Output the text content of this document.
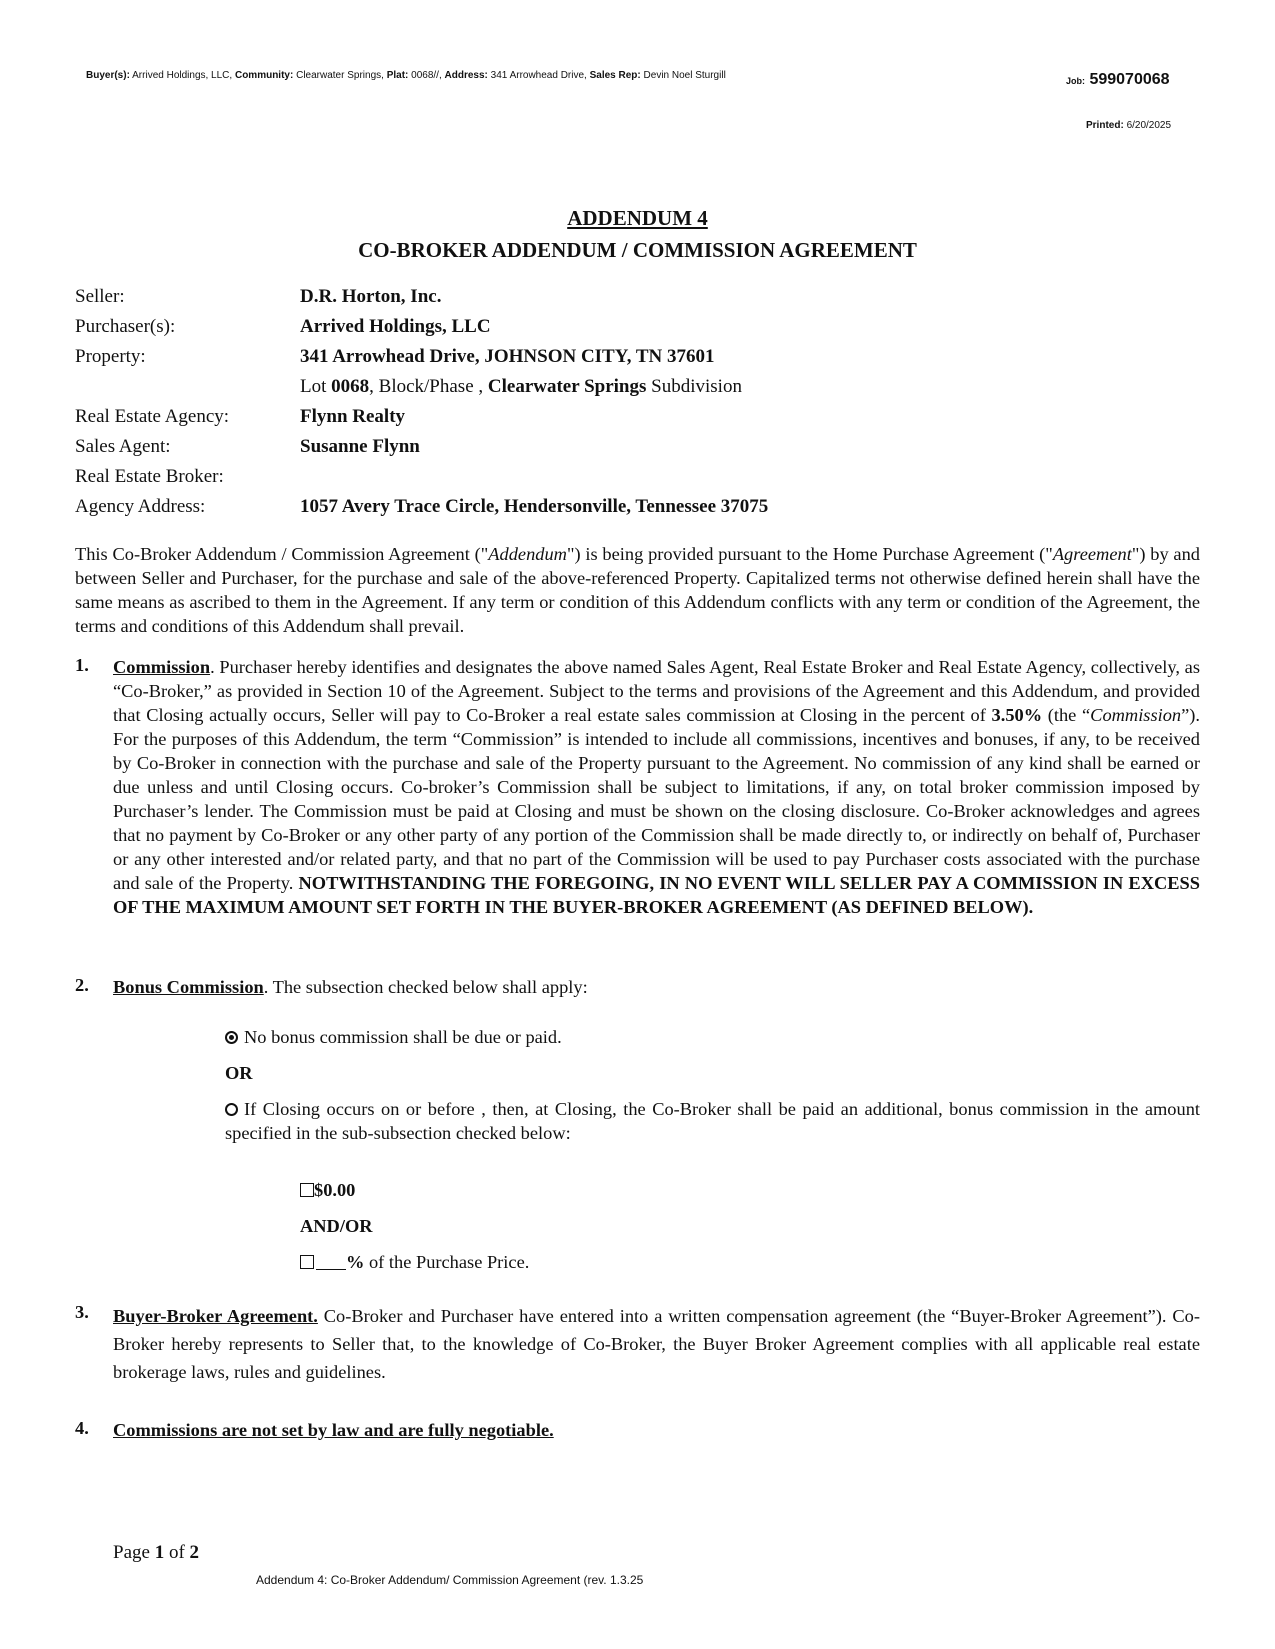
Buyer(s): Arrived Holdings, LLC, Community: Clearwater Springs, Plat: 0068//, Address: 341 Arrowhead Drive, Sales Rep: Devin Noel Sturgill	Job: 599070068
Printed: 6/20/2025
ADDENDUM 4
CO-BROKER ADDENDUM / COMMISSION AGREEMENT
Seller:	D.R. Horton, Inc.
Purchaser(s):	Arrived Holdings, LLC
Property:	341 Arrowhead Drive, JOHNSON CITY, TN 37601
Lot 0068, Block/Phase , Clearwater Springs Subdivision
Real Estate Agency:	Flynn Realty
Sales Agent:	Susanne Flynn
Real Estate Broker:
Agency Address:	1057 Avery Trace Circle, Hendersonville, Tennessee 37075
This Co-Broker Addendum / Commission Agreement ("Addendum") is being provided pursuant to the Home Purchase Agreement ("Agreement") by and between Seller and Purchaser, for the purchase and sale of the above-referenced Property. Capitalized terms not otherwise defined herein shall have the same means as ascribed to them in the Agreement. If any term or condition of this Addendum conflicts with any term or condition of the Agreement, the terms and conditions of this Addendum shall prevail.
1. Commission. Purchaser hereby identifies and designates the above named Sales Agent, Real Estate Broker and Real Estate Agency, collectively, as “Co-Broker,” as provided in Section 10 of the Agreement. Subject to the terms and provisions of the Agreement and this Addendum, and provided that Closing actually occurs, Seller will pay to Co-Broker a real estate sales commission at Closing in the percent of 3.50% (the “Commission”). For the purposes of this Addendum, the term “Commission” is intended to include all commissions, incentives and bonuses, if any, to be received by Co-Broker in connection with the purchase and sale of the Property pursuant to the Agreement. No commission of any kind shall be earned or due unless and until Closing occurs. Co-broker’s Commission shall be subject to limitations, if any, on total broker commission imposed by Purchaser’s lender. The Commission must be paid at Closing and must be shown on the closing disclosure. Co-Broker acknowledges and agrees that no payment by Co-Broker or any other party of any portion of the Commission shall be made directly to, or indirectly on behalf of, Purchaser or any other interested and/or related party, and that no part of the Commission will be used to pay Purchaser costs associated with the purchase and sale of the Property. NOTWITHSTANDING THE FOREGOING, IN NO EVENT WILL SELLER PAY A COMMISSION IN EXCESS OF THE MAXIMUM AMOUNT SET FORTH IN THE BUYER-BROKER AGREEMENT (AS DEFINED BELOW).
2. Bonus Commission. The subsection checked below shall apply:
No bonus commission shall be due or paid.
OR
If Closing occurs on or before , then, at Closing, the Co-Broker shall be paid an additional, bonus commission in the amount specified in the sub-subsection checked below:
$0.00
AND/OR
% of the Purchase Price.
3. Buyer-Broker Agreement. Co-Broker and Purchaser have entered into a written compensation agreement (the “Buyer-Broker Agreement”). Co-Broker hereby represents to Seller that, to the knowledge of Co-Broker, the Buyer Broker Agreement complies with all applicable real estate brokerage laws, rules and guidelines.
4. Commissions are not set by law and are fully negotiable.
Page 1 of 2
Addendum 4: Co-Broker Addendum/ Commission Agreement (rev. 1.3.25
